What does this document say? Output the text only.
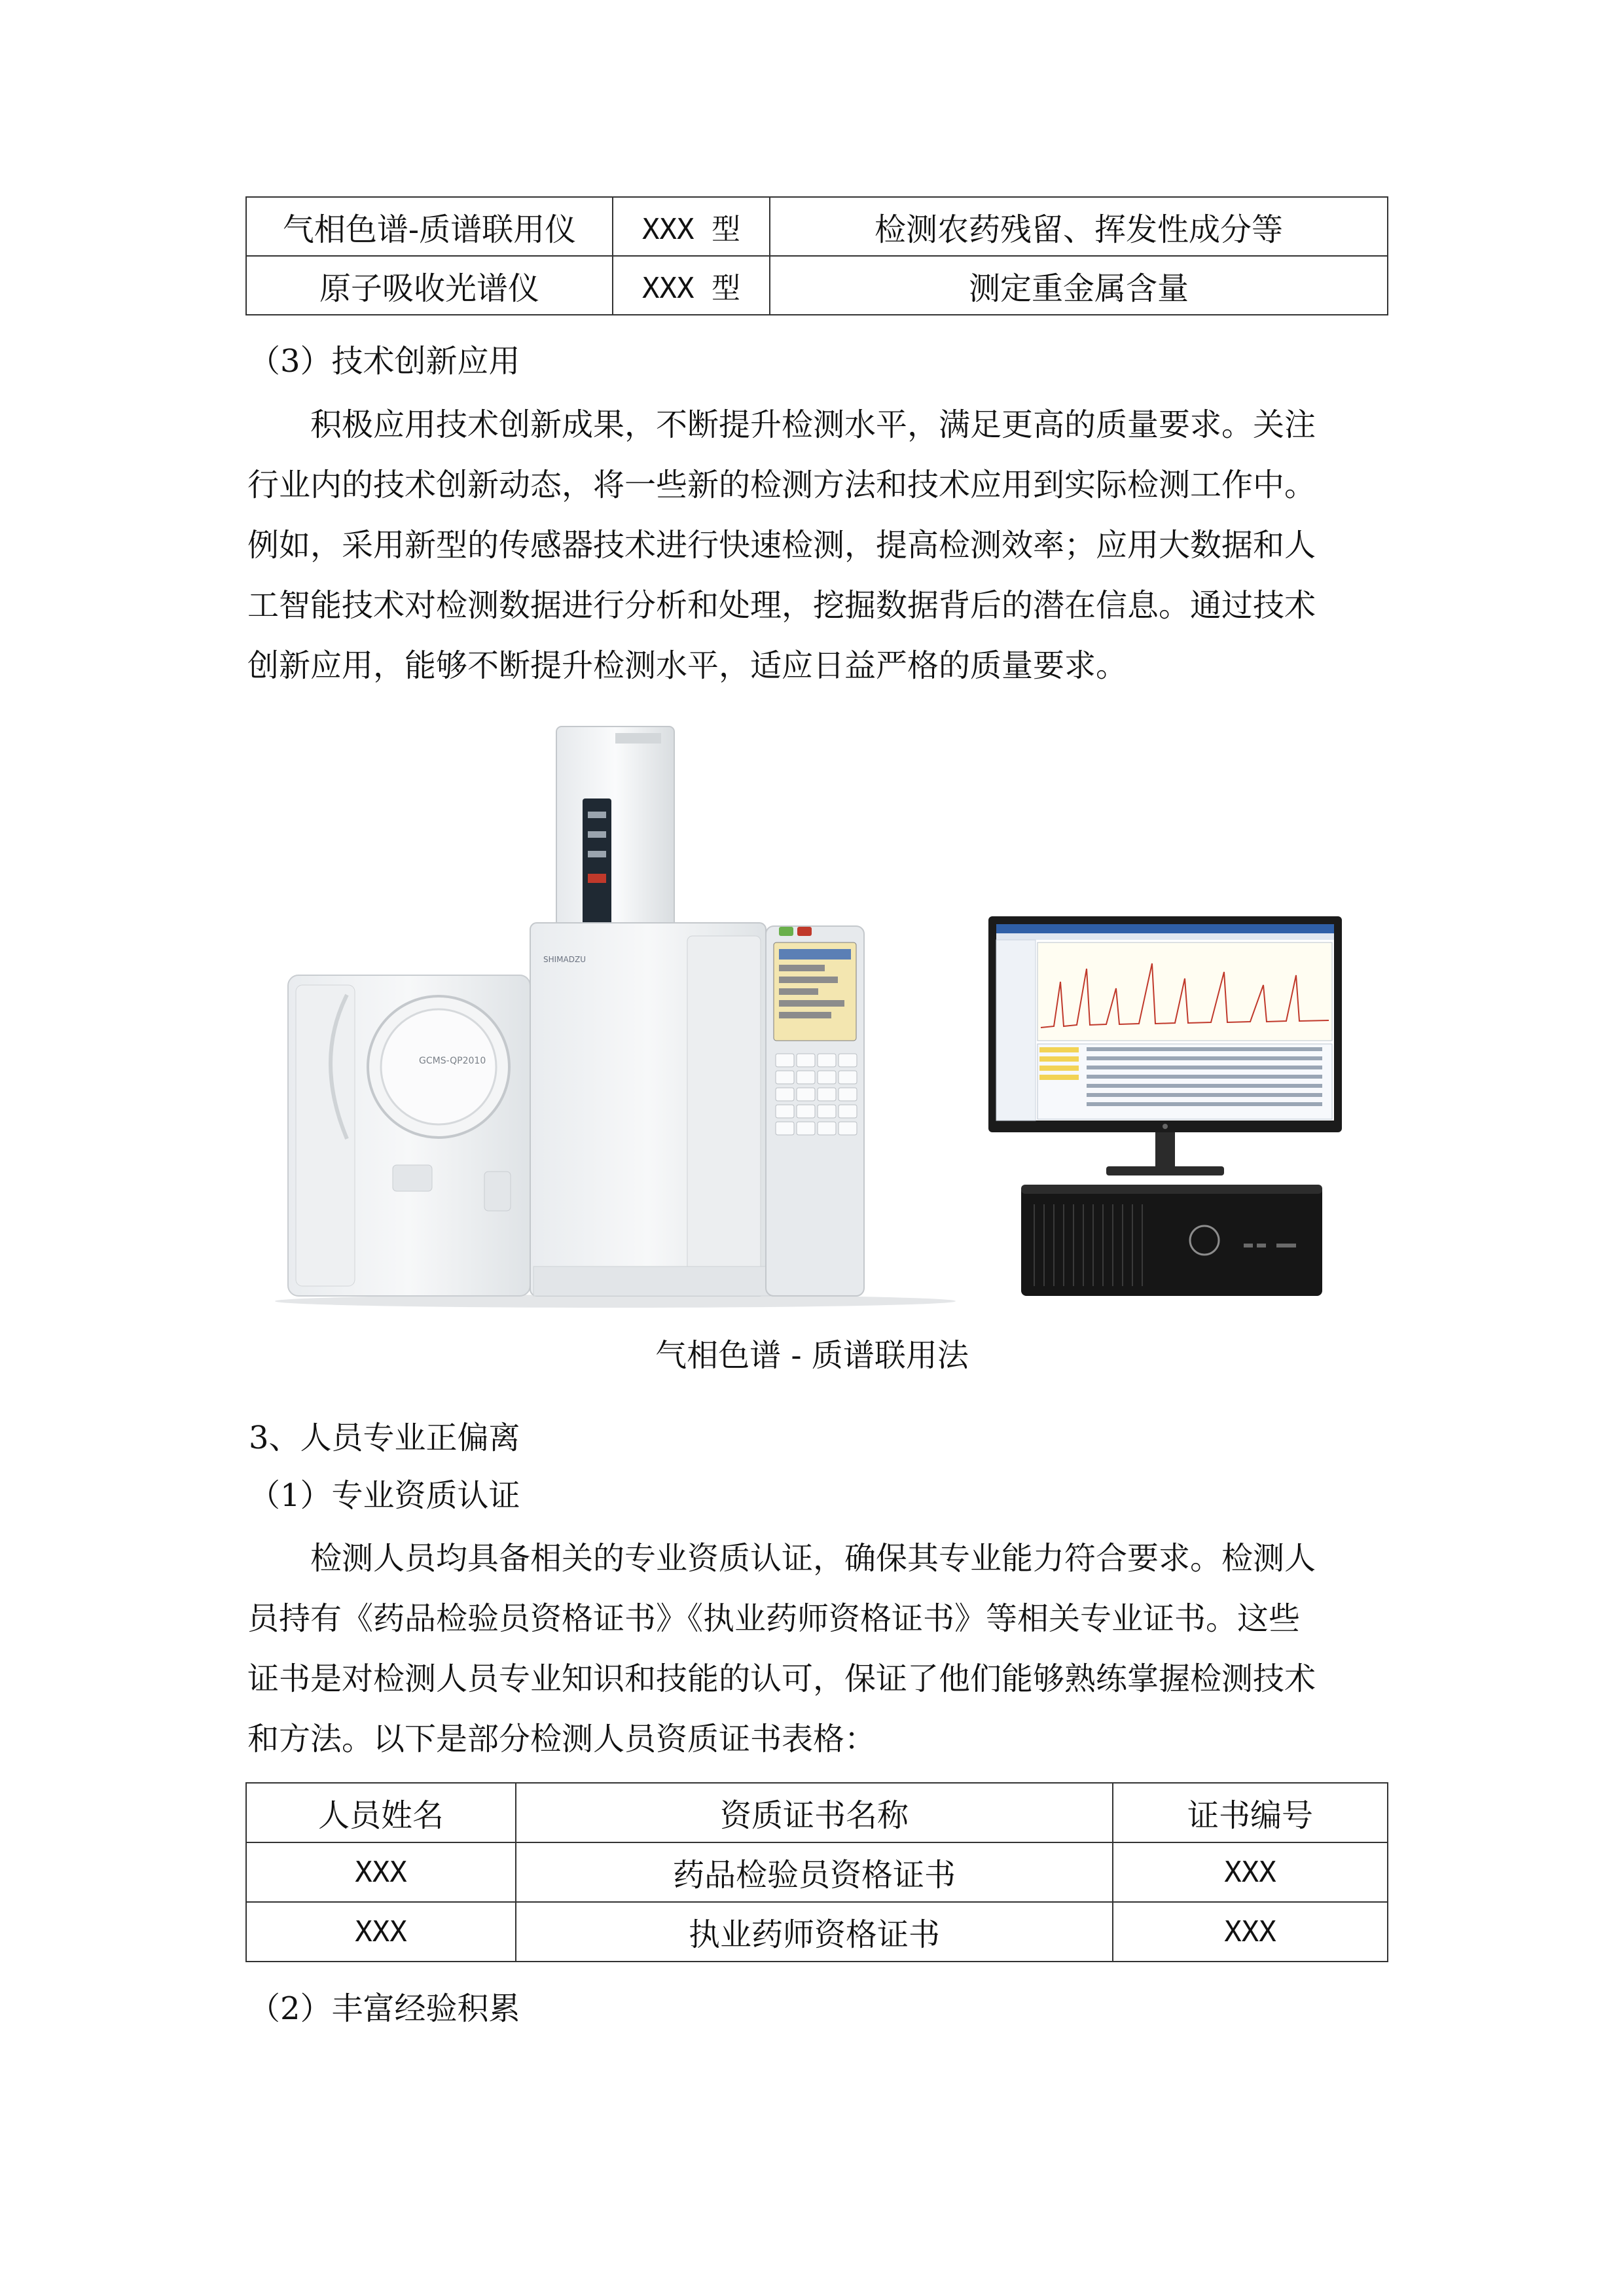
气相色谱-质谱联用仪	XXX 型	检测农药残留、挥发性成分等
原子吸收光谱仪	XXX 型	测定重金属含量
（3）技术创新应用
积极应用技术创新成果，不断提升检测水平，满足更高的质量要求。关注
行业内的技术创新动态，将一些新的检测方法和技术应用到实际检测工作中。
例如，采用新型的传感器技术进行快速检测，提高检测效率；应用大数据和人
工智能技术对检测数据进行分析和处理，挖掘数据背后的潜在信息。通过技术
创新应用，能够不断提升检测水平，适应日益严格的质量要求。
GCMS-QP2010
SHIMADZU
气相色谱 - 质谱联用法
3、人员专业正偏离
（1）专业资质认证
检测人员均具备相关的专业资质认证，确保其专业能力符合要求。检测人
员持有《药品检验员资格证书》《执业药师资格证书》等相关专业证书。这些
证书是对检测人员专业知识和技能的认可，保证了他们能够熟练掌握检测技术
和方法。以下是部分检测人员资质证书表格：
人员姓名	资质证书名称	证书编号
XXX	药品检验员资格证书	XXX
XXX	执业药师资格证书	XXX
（2）丰富经验积累
